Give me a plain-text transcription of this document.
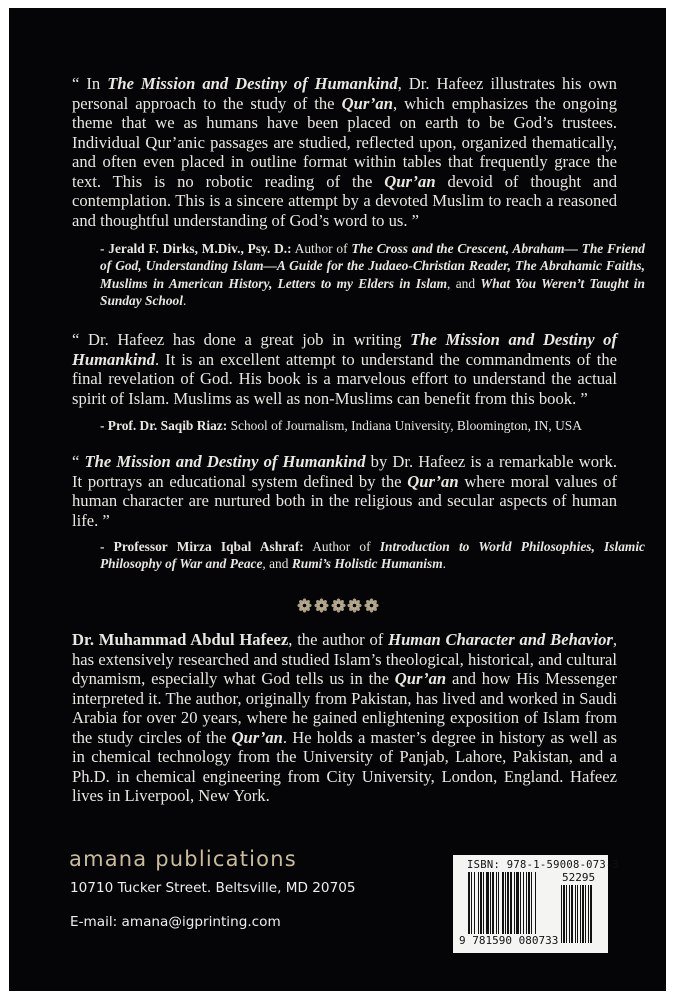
“ In The Mission and Destiny of Humankind, Dr. Hafeez illustrates his own personal approach to the study of the Qur’an, which emphasizes the ongoing theme that we as humans have been placed on earth to be God’s trustees. Individual Qur’anic passages are studied, reflected upon, organized thematically, and often even placed in outline format within tables that frequently grace the text. This is no robotic reading of the Qur’an devoid of thought and contemplation. This is a sincere attempt by a devoted Muslim to reach a reasoned and thoughtful understanding of God’s word to us. ”
- Jerald F. Dirks, M.Div., Psy. D.: Author of The Cross and the Crescent, Abraham— The Friend of God, Understanding Islam—A Guide for the Judaeo-Christian Reader, The Abrahamic Faiths, Muslims in American History, Letters to my Elders in Islam, and What You Weren’t Taught in Sunday School.
“ Dr. Hafeez has done a great job in writing The Mission and Destiny of Humankind. It is an excellent attempt to understand the commandments of the final revelation of God. His book is a marvelous effort to understand the actual spirit of Islam. Muslims as well as non-Muslims can benefit from this book. ”
- Prof. Dr. Saqib Riaz: School of Journalism, Indiana University, Bloomington, IN, USA
“ The Mission and Destiny of Humankind by Dr. Hafeez is a remarkable work. It portrays an educational system defined by the Qur’an where moral values of human character are nurtured both in the religious and secular aspects of human life. ”
- Professor Mirza Iqbal Ashraf: Author of Introduction to World Philosophies, Islamic Philosophy of War and Peace, and Rumi’s Holistic Humanism.
Dr. Muhammad Abdul Hafeez, the author of Human Character and Behavior, has extensively researched and studied Islam’s theological, historical, and cultural dynamism, especially what God tells us in the Qur’an and how His Messenger interpreted it. The author, originally from Pakistan, has lived and worked in Saudi Arabia for over 20 years, where he gained enlightening exposition of Islam from the study circles of the Qur’an. He holds a master’s degree in history as well as in chemical technology from the University of Panjab, Lahore, Pakistan, and a Ph.D. in chemical engineering from City University, London, England. Hafeez lives in Liverpool, New York.
amana publications
10710 Tucker Street. Beltsville, MD 20705
E-mail: amana@igprinting.com
ISBN: 978-1-59008-073-3
52295
9 781590 080733
